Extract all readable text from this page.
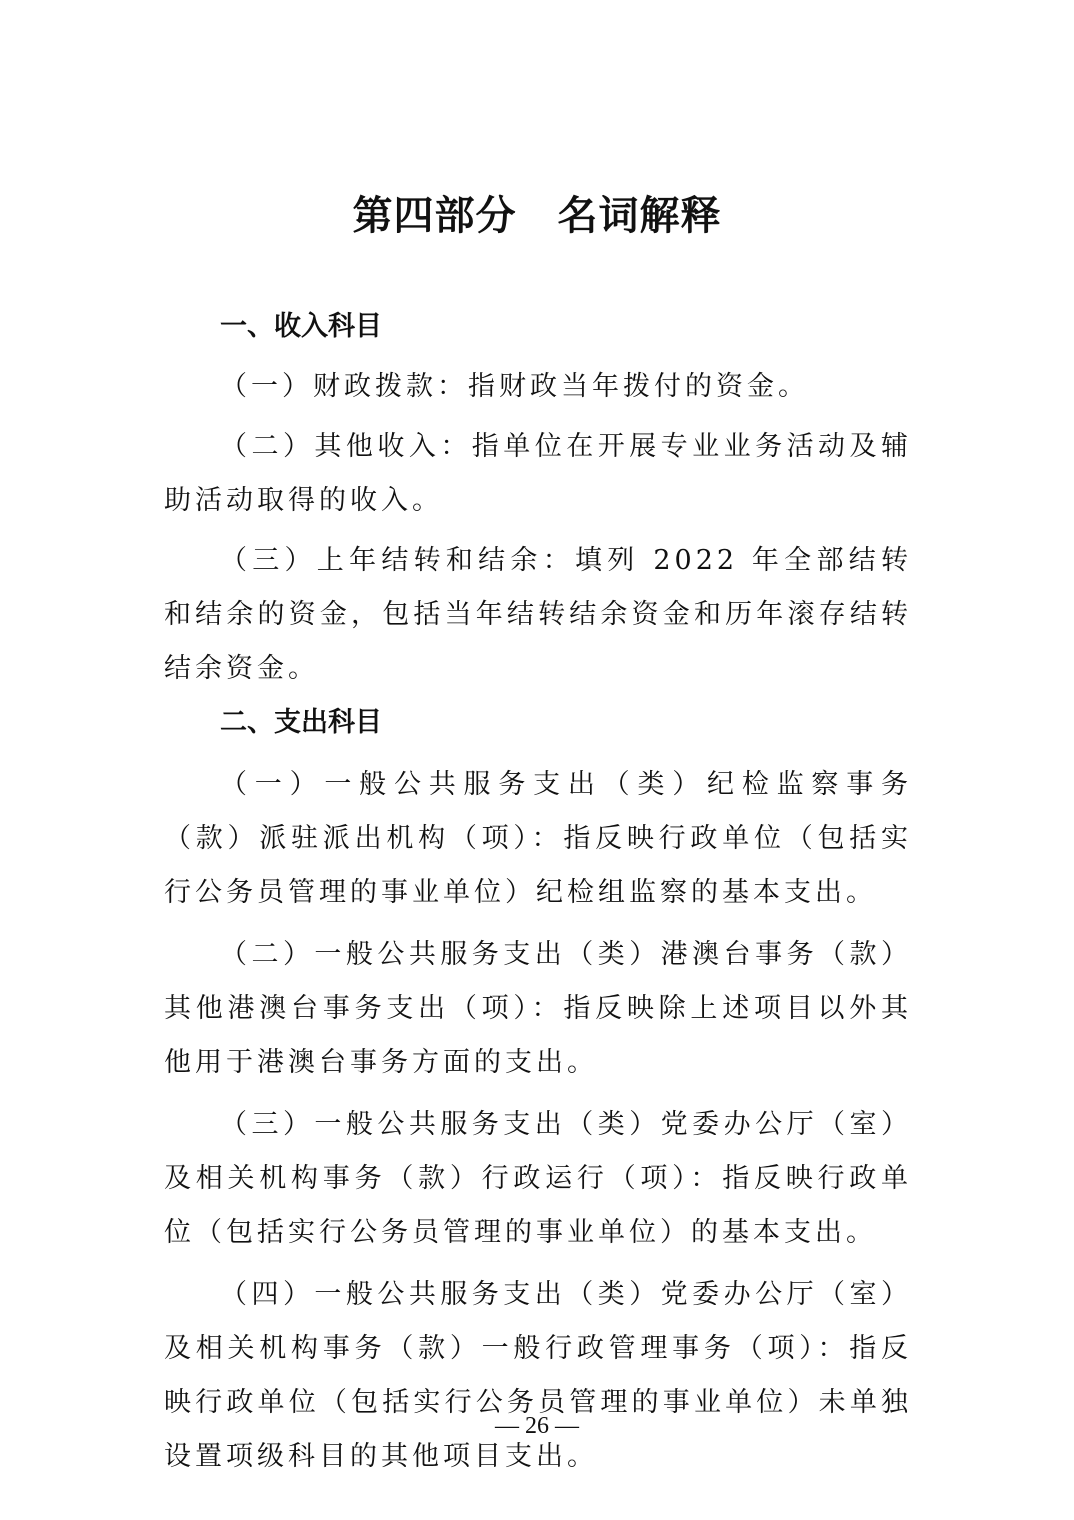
第四部分　名词解释

一、收入科目

（一）财政拨款：指财政当年拨付的资金。

（二）其他收入：指单位在开展专业业务活动及辅助活动取得的收入。

（三）上年结转和结余：填列 2022 年全部结转和结余的资金，包括当年结转结余资金和历年滚存结转结余资金。

二、支出科目

（一）一般公共服务支出（类）纪检监察事务（款）派驻派出机构（项）：指反映行政单位（包括实行公务员管理的事业单位）纪检组监察的基本支出。

（二）一般公共服务支出（类）港澳台事务（款）其他港澳台事务支出（项）：指反映除上述项目以外其他用于港澳台事务方面的支出。

（三）一般公共服务支出（类）党委办公厅（室）及相关机构事务（款）行政运行（项）：指反映行政单位（包括实行公务员管理的事业单位）的基本支出。

（四）一般公共服务支出（类）党委办公厅（室）及相关机构事务（款）一般行政管理事务（项）：指反映行政单位（包括实行公务员管理的事业单位）未单独设置项级科目的其他项目支出。

— 26 —
